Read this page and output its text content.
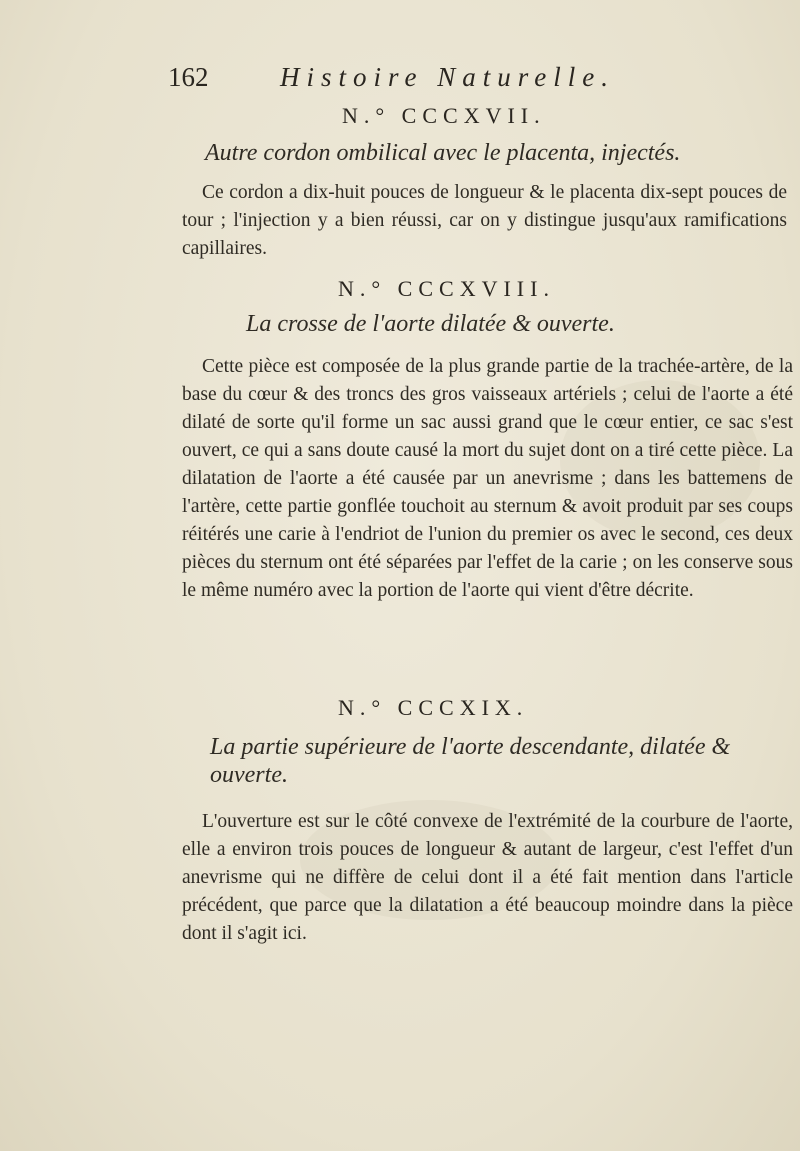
162	Histoire Naturelle.
N.° CCCXVII.
Autre cordon ombilical avec le placenta, injectés.

Ce cordon a dix-huit pouces de longueur & le placenta dix-sept pouces de tour ; l'injection y a bien réussi, car on y distingue jusqu'aux ramifications capillaires.

N.° CCCXVIII.
La crosse de l'aorte dilatée & ouverte.

Cette pièce est composée de la plus grande partie de la trachée-artère, de la base du cœur & des troncs des gros vaisseaux artériels ; celui de l'aorte a été dilaté de sorte qu'il forme un sac aussi grand que le cœur entier, ce sac s'est ouvert, ce qui a sans doute causé la mort du sujet dont on a tiré cette pièce. La dilatation de l'aorte a été causée par un anevrisme ; dans les battemens de l'artère, cette partie gonflée touchoit au sternum & avoit produit par ses coups réitérés une carie à l'endriot de l'union du premier os avec le second, ces deux pièces du sternum ont été séparées par l'effet de la carie ; on les conserve sous le même numéro avec la portion de l'aorte qui vient d'être décrite.

N.° CCCXIX.
La partie supérieure de l'aorte descendante, dilatée & ouverte.

L'ouverture est sur le côté convexe de l'extrémité de la courbure de l'aorte, elle a environ trois pouces de longueur & autant de largeur, c'est l'effet d'un anevrisme qui ne diffère de celui dont il a été fait mention dans l'article précédent, que parce que la dilatation a été beaucoup moindre dans la pièce dont il s'agit ici.
